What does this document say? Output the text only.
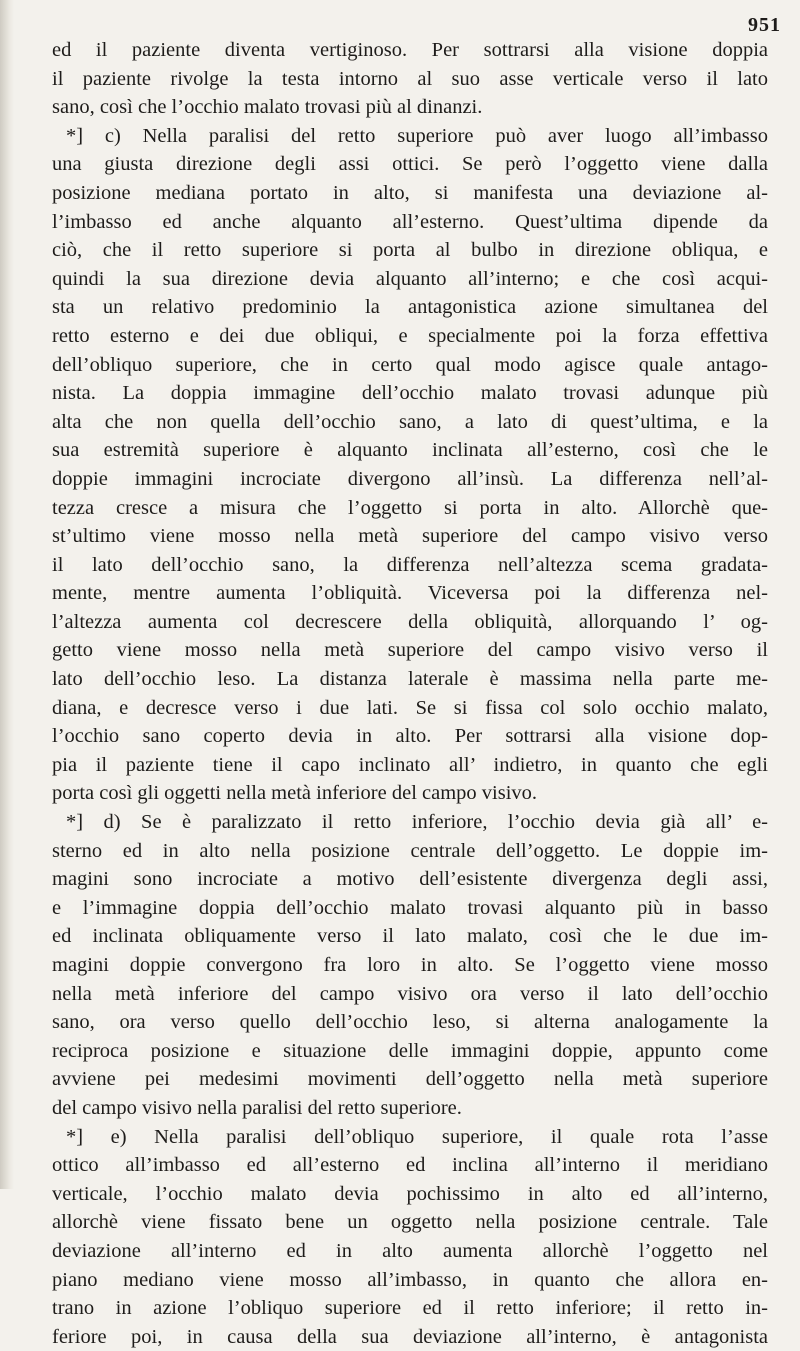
951
ed il paziente diventa vertiginoso. Per sottrarsi alla visione doppia
il paziente rivolge la testa intorno al suo asse verticale verso il lato
sano, così che l’occhio malato trovasi più al dinanzi.
*] c) Nella paralisi del retto superiore può aver luogo all’imbasso
una giusta direzione degli assi ottici. Se però l’oggetto viene dalla
posizione mediana portato in alto, si manifesta una deviazione al-
l’imbasso ed anche alquanto all’esterno. Quest’ultima dipende da
ciò, che il retto superiore si porta al bulbo in direzione obliqua, e
quindi la sua direzione devia alquanto all’interno; e che così acqui-
sta un relativo predominio la antagonistica azione simultanea del
retto esterno e dei due obliqui, e specialmente poi la forza effettiva
dell’obliquo superiore, che in certo qual modo agisce quale antago-
nista. La doppia immagine dell’occhio malato trovasi adunque più
alta che non quella dell’occhio sano, a lato di quest’ultima, e la
sua estremità superiore è alquanto inclinata all’esterno, così che le
doppie immagini incrociate divergono all’insù. La differenza nell’al-
tezza cresce a misura che l’oggetto si porta in alto. Allorchè que-
st’ultimo viene mosso nella metà superiore del campo visivo verso
il lato dell’occhio sano, la differenza nell’altezza scema gradata-
mente, mentre aumenta l’obliquità. Viceversa poi la differenza nel-
l’altezza aumenta col decrescere della obliquità, allorquando l’ og-
getto viene mosso nella metà superiore del campo visivo verso il
lato dell’occhio leso. La distanza laterale è massima nella parte me-
diana, e decresce verso i due lati. Se si fissa col solo occhio malato,
l’occhio sano coperto devia in alto. Per sottrarsi alla visione dop-
pia il paziente tiene il capo inclinato all’ indietro, in quanto che egli
porta così gli oggetti nella metà inferiore del campo visivo.
*] d) Se è paralizzato il retto inferiore, l’occhio devia già all’ e-
sterno ed in alto nella posizione centrale dell’oggetto. Le doppie im-
magini sono incrociate a motivo dell’esistente divergenza degli assi,
e l’immagine doppia dell’occhio malato trovasi alquanto più in basso
ed inclinata obliquamente verso il lato malato, così che le due im-
magini doppie convergono fra loro in alto. Se l’oggetto viene mosso
nella metà inferiore del campo visivo ora verso il lato dell’occhio
sano, ora verso quello dell’occhio leso, si alterna analogamente la
reciproca posizione e situazione delle immagini doppie, appunto come
avviene pei medesimi movimenti dell’oggetto nella metà superiore
del campo visivo nella paralisi del retto superiore.
*] e) Nella paralisi dell’obliquo superiore, il quale rota l’asse
ottico all’imbasso ed all’esterno ed inclina all’interno il meridiano
verticale, l’occhio malato devia pochissimo in alto ed all’interno,
allorchè viene fissato bene un oggetto nella posizione centrale. Tale
deviazione all’interno ed in alto aumenta allorchè l’oggetto nel
piano mediano viene mosso all’imbasso, in quanto che allora en-
trano in azione l’obliquo superiore ed il retto inferiore; il retto in-
feriore poi, in causa della sua deviazione all’interno, è antagonista
